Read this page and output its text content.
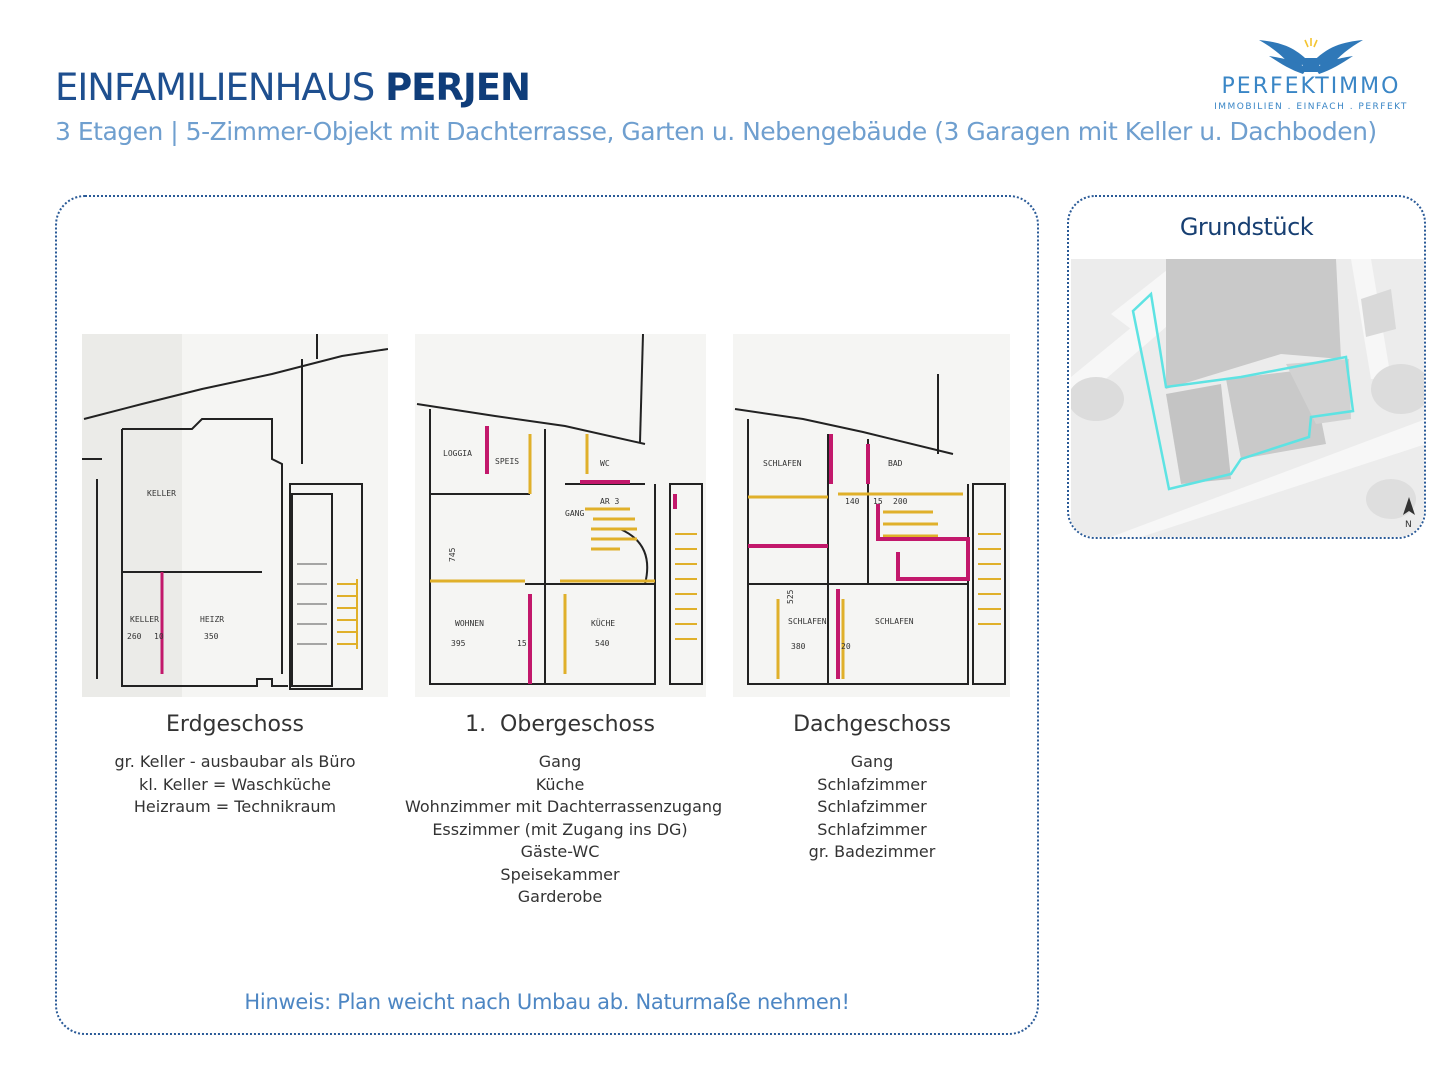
EINFAMILIENHAUS PERJEN
3 Etagen | 5-Zimmer-Objekt mit Dachterrasse, Garten u. Nebengebäude (3 Garagen mit Keller u. Dachboden)
PERFEKTIMMO
IMMOBILIEN . EINFACH . PERFEKT
KELLER
KELLER	HEIZR
260 10	350
LOGGIA
SPEIS	WC
AR 3
GANG
WOHNEN	KÜCHE
395	15	540
745
SCHLAFEN	BAD
SCHLAFEN	SCHLAFEN
140 15 200
380	20
525
Erdgeschoss
gr. Keller - ausbaubar als Büro
kl. Keller = Waschküche
Heizraum = Technikraum
1.  Obergeschoss
Gang
Küche
Wohnzimmer mit Dachterrassenzugang
Esszimmer (mit Zugang ins DG)
Gäste-WC
Speisekammer
Garderobe
Dachgeschoss
Gang
Schlafzimmer
Schlafzimmer
Schlafzimmer
gr. Badezimmer
Hinweis: Plan weicht nach Umbau ab. Naturmaße nehmen!
Grundstück
N
